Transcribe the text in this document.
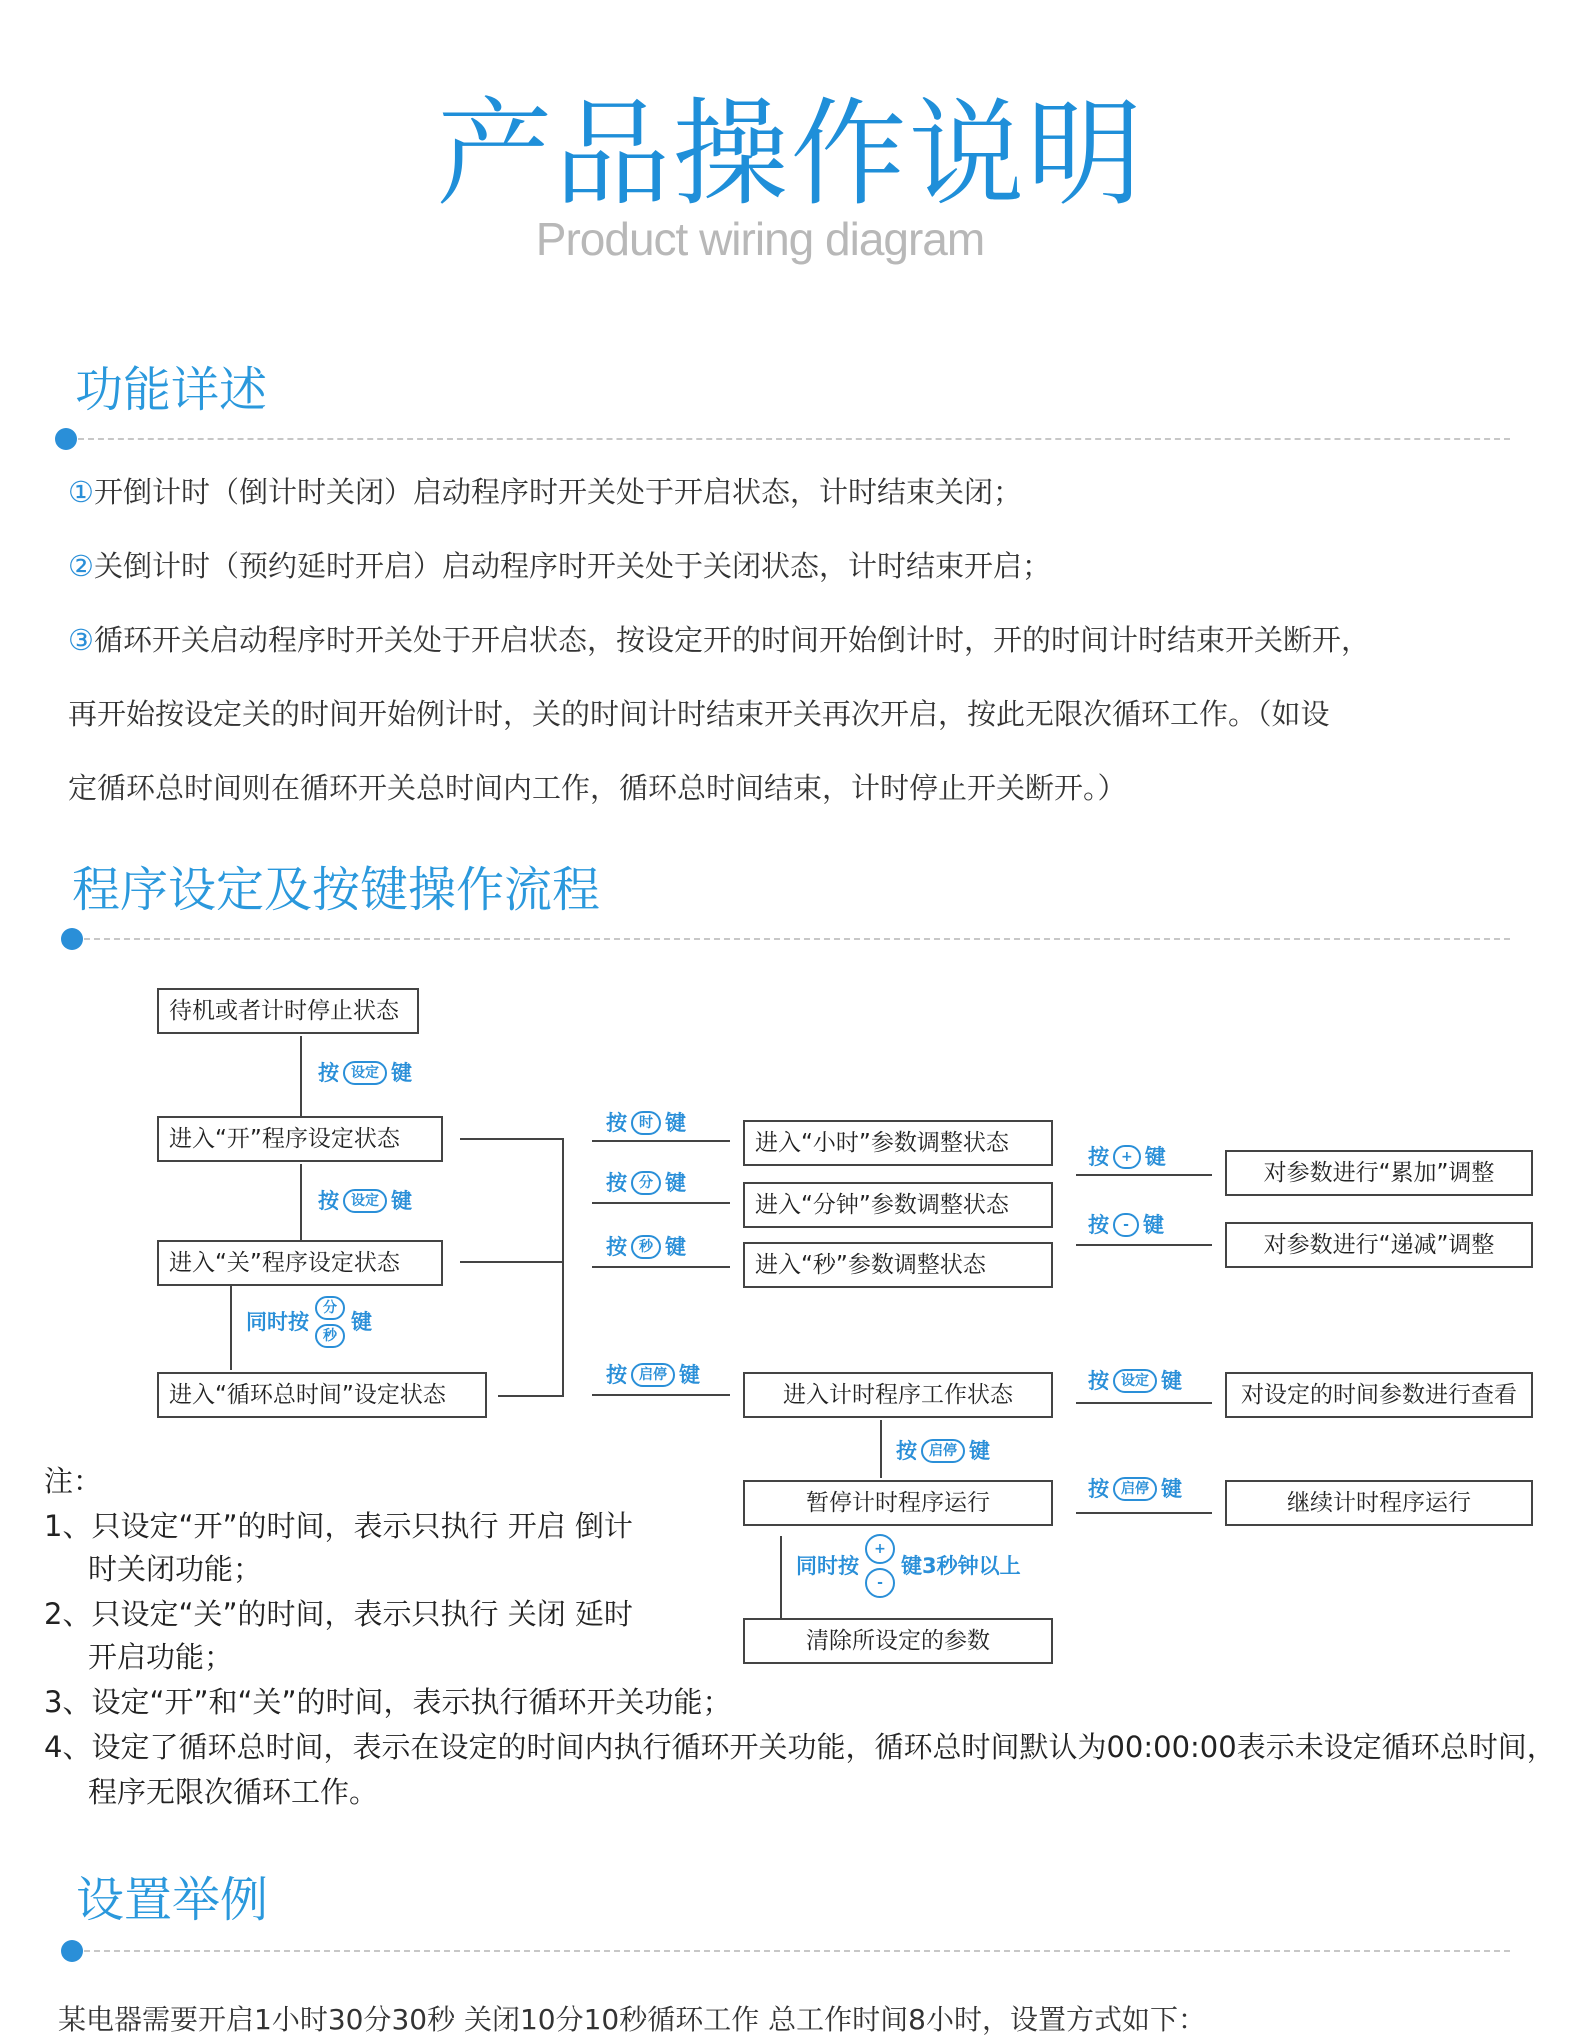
产品操作说明
Product wiring diagram
功能详述
①开倒计时（倒计时关闭）启动程序时开关处于开启状态，计时结束关闭；
②关倒计时（预约延时开启）启动程序时开关处于关闭状态，计时结束开启；
③循环开关启动程序时开关处于开启状态，按设定开的时间开始倒计时，开的时间计时结束开关断开，
再开始按设定关的时间开始例计时，关的时间计时结束开关再次开启，按此无限次循环工作。（如设
定循环总时间则在循环开关总时间内工作，循环总时间结束，计时停止开关断开。）
程序设定及按键操作流程
待机或者计时停止状态
进入“开”程序设定状态
进入“关”程序设定状态
进入“循环总时间”设定状态
进入“小时”参数调整状态
进入“分钟”参数调整状态
进入“秒”参数调整状态
进入计时程序工作状态
暂停计时程序运行
清除所设定的参数
对参数进行“累加”调整
对参数进行“递减”调整
对设定的时间参数进行查看
继续计时程序运行
按 设定 键
按 设定 键
同时按
分
秒
键
按 时 键
按 分 键
按 秒 键
按 启停 键
按 + 键
按	- 键
按 设定 键
按 启停 键
按 启停 键
同时按
+
-
键3秒钟以上
注：
1、只设定“开”的时间，表示只执行 开启 倒计
时关闭功能；
2、只设定“关”的时间，表示只执行 关闭 延时
开启功能；
3、设定“开”和“关”的时间，表示执行循环开关功能；
4、设定了循环总时间，表示在设定的时间内执行循环开关功能，循环总时间默认为00:00:00表示未设定循环总时间，
程序无限次循环工作。
设置举例
某电器需要开启1小时30分30秒 关闭10分10秒循环工作 总工作时间8小时，设置方式如下：
